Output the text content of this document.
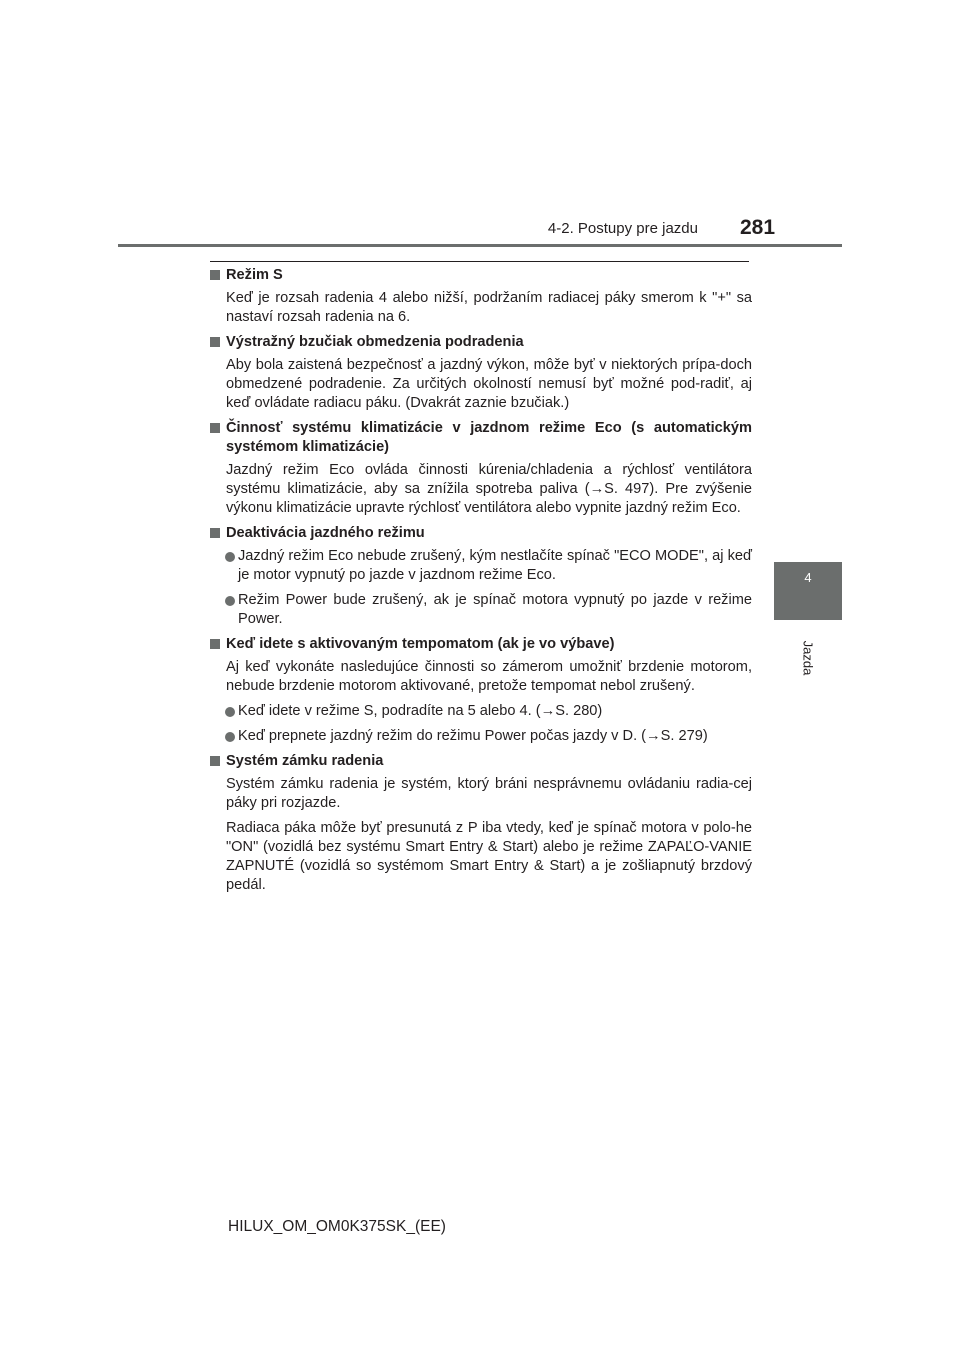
4-2. Postupy pre jazdu 281
4
Jazda
Režim S
Keď je rozsah radenia 4 alebo nižší, podržaním radiacej páky smerom k "+" sa nastaví rozsah radenia na 6.
Výstražný bzučiak obmedzenia podradenia
Aby bola zaistená bezpečnosť a jazdný výkon, môže byť v niektorých prípa-doch obmedzené podradenie. Za určitých okolností nemusí byť možné pod-radiť, aj keď ovládate radiacu páku. (Dvakrát zaznie bzučiak.)
Činnosť systému klimatizácie v jazdnom režime Eco (s automatickým systémom klimatizácie)
Jazdný režim Eco ovláda činnosti kúrenia/chladenia a rýchlosť ventilátora systému klimatizácie, aby sa znížila spotreba paliva (→S. 497). Pre zvýšenie výkonu klimatizácie upravte rýchlosť ventilátora alebo vypnite jazdný režim Eco.
Deaktivácia jazdného režimu
Jazdný režim Eco nebude zrušený, kým nestlačíte spínač "ECO MODE", aj keď je motor vypnutý po jazde v jazdnom režime Eco.
Režim Power bude zrušený, ak je spínač motora vypnutý po jazde v režime Power.
Keď idete s aktivovaným tempomatom (ak je vo výbave)
Aj keď vykonáte nasledujúce činnosti so zámerom umožniť brzdenie motorom, nebude brzdenie motorom aktivované, pretože tempomat nebol zrušený.
Keď idete v režime S, podradíte na 5 alebo 4. (→S. 280)
Keď prepnete jazdný režim do režimu Power počas jazdy v D. (→S. 279)
Systém zámku radenia
Systém zámku radenia je systém, ktorý bráni nesprávnemu ovládaniu radia-cej páky pri rozjazde.
Radiaca páka môže byť presunutá z P iba vtedy, keď je spínač motora v polo-he "ON" (vozidlá bez systému Smart Entry & Start) alebo je režime ZAPAĽO-VANIE ZAPNUTÉ (vozidlá so systémom Smart Entry & Start) a je zošliapnutý brzdový pedál.
HILUX_OM_OM0K375SK_(EE)
